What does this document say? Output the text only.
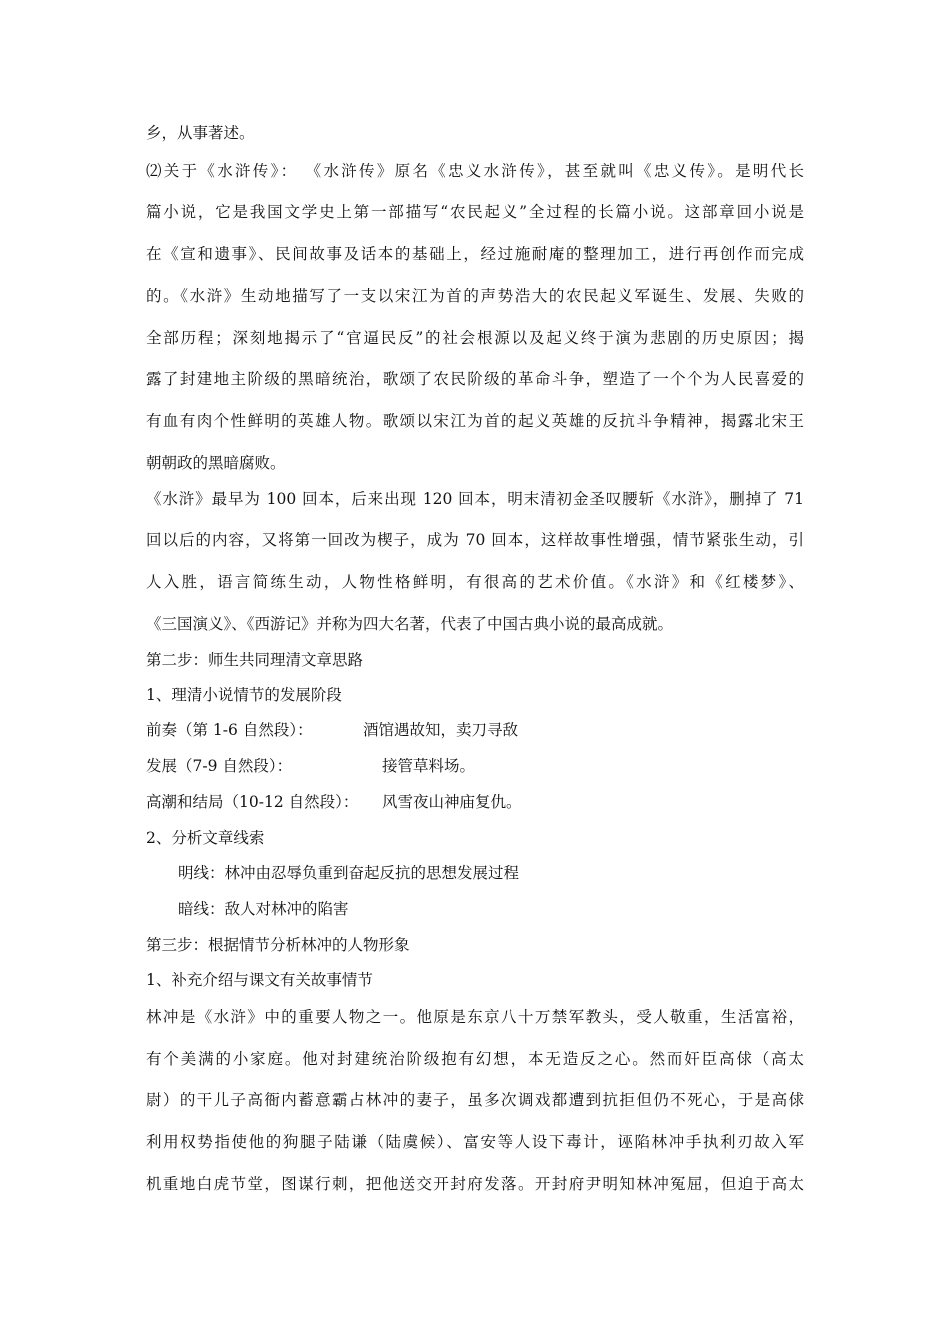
乡，从事著述。
⑵关于《水浒传》： 《水浒传》原名《忠义水浒传》，甚至就叫《忠义传》。是明代长
篇小说，它是我国文学史上第一部描写“农民起义”全过程的长篇小说。这部章回小说是
在《宣和遗事》、民间故事及话本的基础上，经过施耐庵的整理加工，进行再创作而完成
的。《水浒》生动地描写了一支以宋江为首的声势浩大的农民起义军诞生、发展、失败的
全部历程；深刻地揭示了“官逼民反”的社会根源以及起义终于演为悲剧的历史原因；揭
露了封建地主阶级的黑暗统治，歌颂了农民阶级的革命斗争，塑造了一个个为人民喜爱的
有血有肉个性鲜明的英雄人物。歌颂以宋江为首的起义英雄的反抗斗争精神，揭露北宋王
朝朝政的黑暗腐败。
《水浒》最早为 100 回本，后来出现 120 回本，明末清初金圣叹腰斩《水浒》，删掉了 71
回以后的内容，又将第一回改为楔子，成为 70 回本，这样故事性增强，情节紧张生动，引
人入胜，语言简练生动，人物性格鲜明，有很高的艺术价值。《水浒》和《红楼梦》、
《三国演义》、《西游记》并称为四大名著，代表了中国古典小说的最高成就。
第二步：师生共同理清文章思路
1、理清小说情节的发展阶段
前奏（第 1-6 自然段）：	酒馆遇故知，卖刀寻敌
发展（7-9 自然段）：	接管草料场。
高潮和结局（10-12 自然段）： 风雪夜山神庙复仇。
2、分析文章线索
明线：林冲由忍辱负重到奋起反抗的思想发展过程
暗线：敌人对林冲的陷害
第三步：根据情节分析林冲的人物形象
1、补充介绍与课文有关故事情节
林冲是《水浒》中的重要人物之一。他原是东京八十万禁军教头，受人敬重，生活富裕，
有个美满的小家庭。他对封建统治阶级抱有幻想，本无造反之心。然而奸臣高俅（高太
尉）的干儿子高衙内蓄意霸占林冲的妻子，虽多次调戏都遭到抗拒但仍不死心，于是高俅
利用权势指使他的狗腿子陆谦（陆虞候）、富安等人设下毒计，诬陷林冲手执利刃故入军
机重地白虎节堂，图谋行刺，把他送交开封府发落。开封府尹明知林冲冤屈，但迫于高太
